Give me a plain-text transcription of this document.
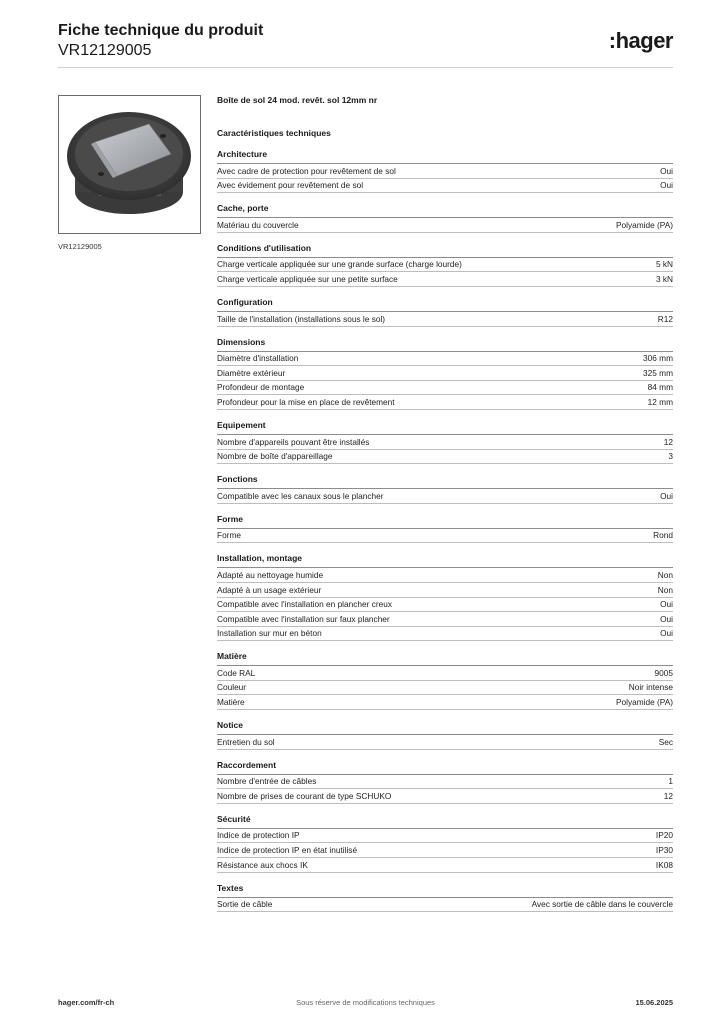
Fiche technique du produit
VR12129005	:hager
VR12129005
Boîte de sol 24 mod. revêt. sol 12mm nr
Caractéristiques techniques
Architecture
Avec cadre de protection pour revêtement de sol	Oui
Avec évidement pour revêtement de sol	Oui
Cache, porte
Matériau du couvercle	Polyamide (PA)
Conditions d'utilisation
Charge verticale appliquée sur une grande surface (charge lourde)	5 kN
Charge verticale appliquée sur une petite surface	3 kN
Configuration
Taille de l'installation (installations sous le sol)	R12
Dimensions
Diamètre d'installation	306 mm
Diamètre extérieur	325 mm
Profondeur de montage	84 mm
Profondeur pour la mise en place de revêtement	12 mm
Equipement
Nombre d'appareils pouvant être installés	12
Nombre de boîte d'appareillage	3
Fonctions
Compatible avec les canaux sous le plancher	Oui
Forme
Forme	Rond
Installation, montage
Adapté au nettoyage humide	Non
Adapté à un usage extérieur	Non
Compatible avec l'installation en plancher creux	Oui
Compatible avec l'installation sur faux plancher	Oui
Installation sur mur en béton	Oui
Matière
Code RAL	9005
Couleur	Noir intense
Matière	Polyamide (PA)
Notice
Entretien du sol	Sec
Raccordement
Nombre d'entrée de câbles	1
Nombre de prises de courant de type SCHUKO	12
Sécurité
Indice de protection IP	IP20
Indice de protection IP en état inutilisé	IP30
Résistance aux chocs IK	IK08
Textes
Sortie de câble	Avec sortie de câble dans le couvercle
hager.com/fr-ch	Sous réserve de modifications techniques	15.06.2025
